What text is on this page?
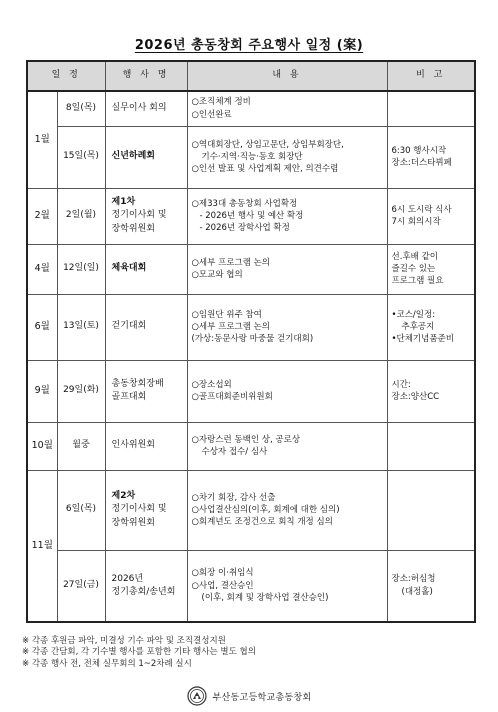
2026년 총동창회 주요행사 일정 (案)
일 정		행 사 명	내 용	비 고
1월	8일(목)	실무이사 회의	○조직체계 정비
○인선완료	

	15일(목)	신년하례회	○역대회장단, 상임고문단, 상임부회장단,
기수·지역·직능·동호 회장단
○인선 발표 및 사업계획 제안, 의견수렴	6:30 행사시작
장소:더스타뷔페

2월	2일(월)	제1차
정기이사회 및
장학위원회	○제33대 총동창회 사업확정
- 2026년 행사 및 예산 확정
- 2026년 장학사업 확정	6시 도시락 식사
7시 회의시작

4월	12일(일)	체육대회	○세부 프로그램 논의
○모교와 협의	선.후배 같이
즐길수 있는
프로그램 필요

6월	13일(토)	걷기대회	○임원단 위주 참여
○세부 프로그램 논의
(가상:동문사랑 마중물 걷기대회)	•코스/일정:
추후공지
•단체기념품준비

9월	29일(화)	총동창회장배
골프대회	○장소섭외
○골프대회준비위원회	시간:
장소:양산CC

10월	월중	인사위원회	○자랑스런 동백인 상, 공로상
수상자 접수/ 심사	

11월	6일(목)	제2차
정기이사회 및
장학위원회	○차기 회장, 감사 선출
○사업결산심의(이후, 회계에 대한 심의)
○회계년도 조정건으로 회칙 개정 심의	

	27일(금)	2026년
정기총회/송년회	○회장 이·취임식
○사업, 결산승인
(이후, 회계 및 장학사업 결산승인)	장소:허심청
(대정홀)
※ 각종 후원금 파악, 미결성 기수 파악 및 조직결성지원
※ 각종 간담회, 각 기수별 행사를 포함한 기타 행사는 별도 협의
※ 각종 행사 전, 전체 실무회의 1~2차례 실시
부산동고등학교총동창회
